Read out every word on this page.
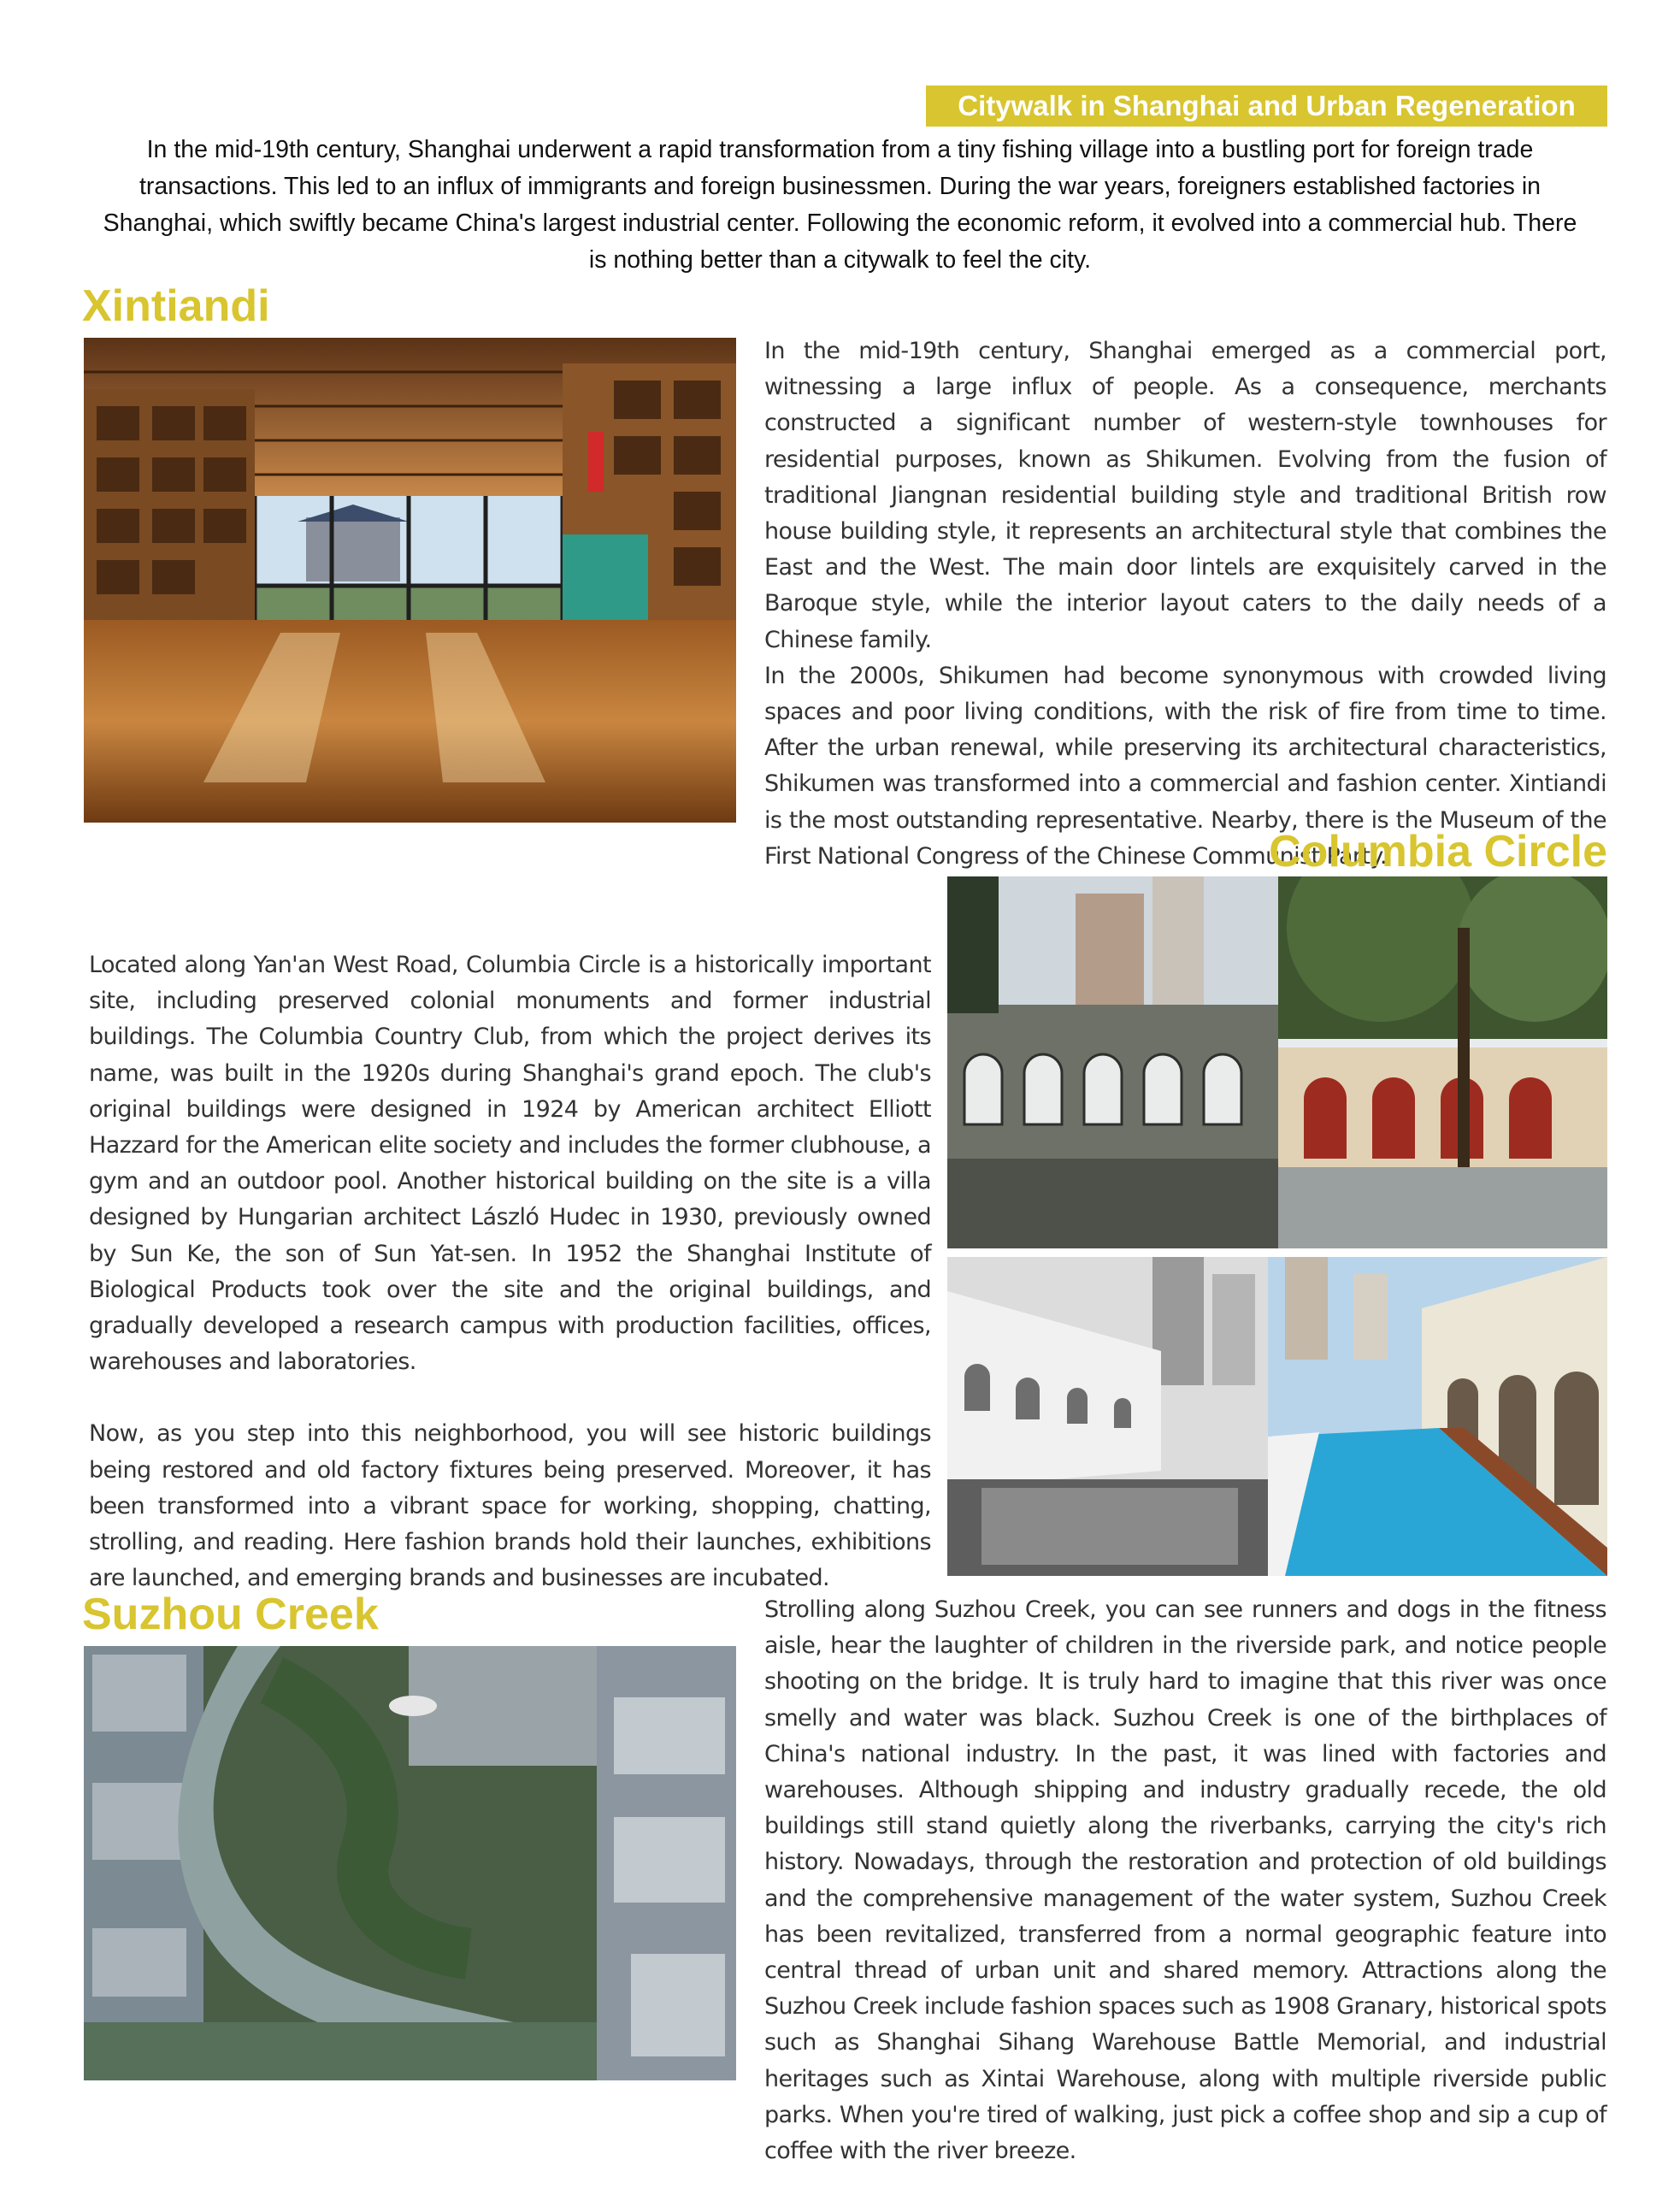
Citywalk in Shanghai and Urban Regeneration
In the mid-19th century, Shanghai underwent a rapid transformation from a tiny fishing village into a bustling port for foreign trade transactions. This led to an influx of immigrants and foreign businessmen. During the war years, foreigners established factories in Shanghai, which swiftly became China's largest industrial center. Following the economic reform, it evolved into a commercial hub. There is nothing better than a citywalk to feel the city.
Xintiandi

In the mid-19th century, Shanghai emerged as a commercial port, witnessing a large influx of people. As a consequence, merchants constructed a significant number of western-style townhouses for residential purposes, known as Shikumen. Evolving from the fusion of traditional Jiangnan residential building style and traditional British row house building style, it represents an architectural style that combines the East and the West. The main door lintels are exquisitely carved in the Baroque style, while the interior layout caters to the daily needs of a Chinese family.

In the 2000s, Shikumen had become synonymous with crowded living spaces and poor living conditions, with the risk of fire from time to time. After the urban renewal, while preserving its architectural characteristics, Shikumen was transformed into a commercial and fashion center. Xintiandi is the most outstanding representative. Nearby, there is the Museum of the First National Congress of the Chinese Communist Party.

Columbia Circle

Located along Yan'an West Road, Columbia Circle is a historically important site, including preserved colonial monuments and former industrial buildings. The Columbia Country Club, from which the project derives its name, was built in the 1920s during Shanghai's grand epoch. The club's original buildings were designed in 1924 by American architect Elliott Hazzard for the American elite society and includes the former clubhouse, a gym and an outdoor pool. Another historical building on the site is a villa designed by Hungarian architect László Hudec in 1930, previously owned by Sun Ke, the son of Sun Yat-sen. In 1952 the Shanghai Institute of Biological Products took over the site and the original buildings, and gradually developed a research campus with production facilities, offices, warehouses and laboratories.

Now, as you step into this neighborhood, you will see historic buildings being restored and old factory fixtures being preserved. Moreover, it has been transformed into a vibrant space for working, shopping, chatting, strolling, and reading. Here fashion brands hold their launches, exhibitions are launched, and emerging brands and businesses are incubated.

Suzhou Creek	Strolling along Suzhou Creek, you can see runners and dogs in the fitness aisle, hear the laughter of children in the riverside park, and notice people shooting on the bridge. It is truly hard to imagine that this river was once smelly and water was black. Suzhou Creek is one of the birthplaces of China's national industry. In the past, it was lined with factories and warehouses. Although shipping and industry gradually recede, the old buildings still stand quietly along the riverbanks, carrying the city's rich history. Nowadays, through the restoration and protection of old buildings and the comprehensive management of the water system, Suzhou Creek has been revitalized, transferred from a normal geographic feature into central thread of urban unit and shared memory. Attractions along the Suzhou Creek include fashion spaces such as 1908 Granary, historical spots such as Shanghai Sihang Warehouse Battle Memorial, and industrial heritages such as Xintai Warehouse, along with multiple riverside public parks. When you're tired of walking, just pick a coffee shop and sip a cup of coffee with the river breeze.
